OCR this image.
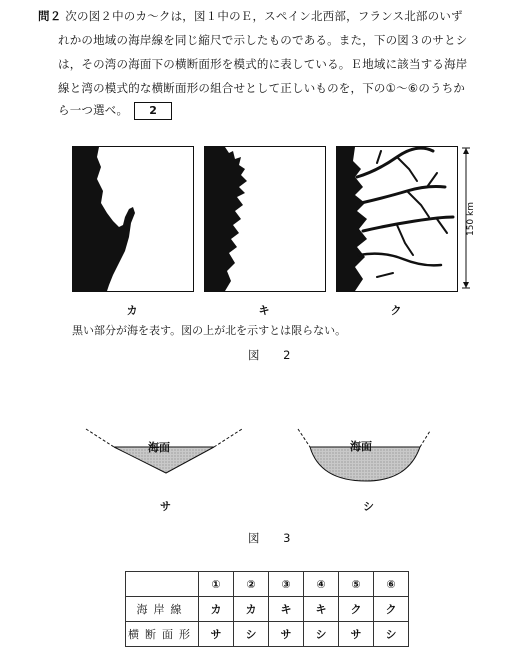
問２ 次の図２中のカ～クは，図１中のＥ，スペイン北西部，フランス北部のいず
れかの地域の海岸線を同じ縮尺で示したものである。また，下の図３のサとシ
は，その湾の海面下の横断面形を模式的に表している。Ｅ地域に該当する海岸
線と湾の模式的な横断面形の組合せとして正しいものを，下の①～⑥のうちか
ら一つ選べ。 2
150 km
カ	キ	ク
黒い部分が海を表す。図の上が北を示すとは限らない。
図 2
海面	海面
サ	シ
図 3
	①	②	③	④	⑤	⑥
海岸線	カ	カ	キ	キ	ク	ク
横断面形	サ	シ	サ	シ	サ	シ
